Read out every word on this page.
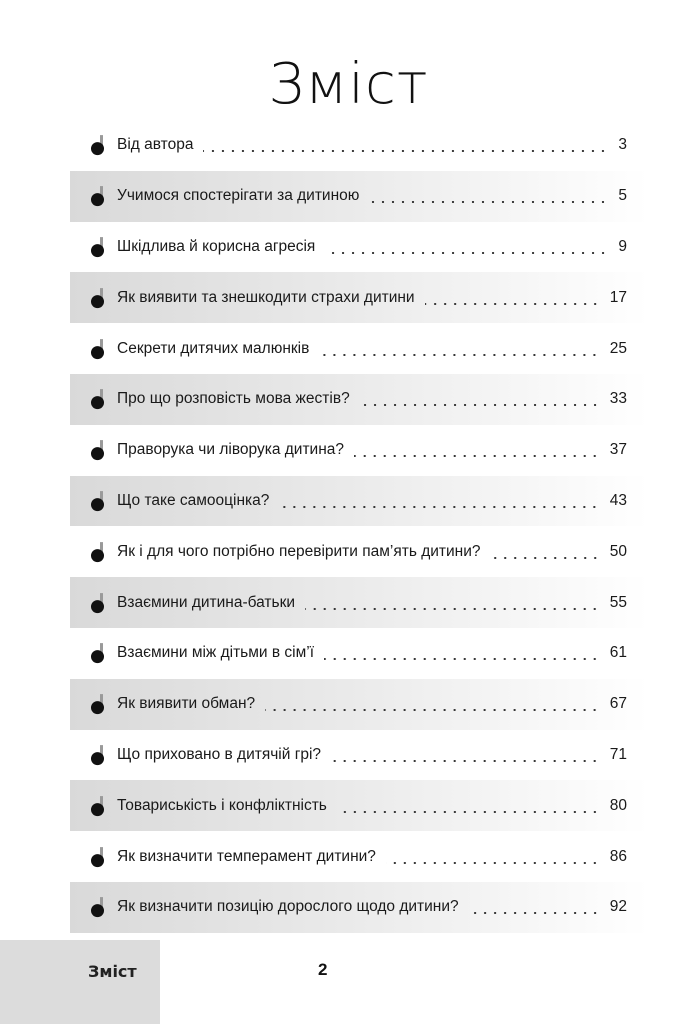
Зміст
Від автора	3
Учимося спостерігати за дитиною	5
Шкідлива й корисна агресія	9
Як виявити та знешкодити страхи дитини	17
Секрети дитячих малюнків	25
Про що розповість мова жестів?	33
Праворука чи ліворука дитина?	37
Що таке самооцінка?	43
Як і для чого потрібно перевірити пам’ять дитини?	50
Взаємини дитина-батьки	55
Взаємини між дітьми в сім’ї	61
Як виявити обман?	67
Що приховано в дитячій грі?	71
Товариськість і конфліктність	80
Як визначити темперамент дитини?	86
Як визначити позицію дорослого щодо дитини?	92
Зміст	2
